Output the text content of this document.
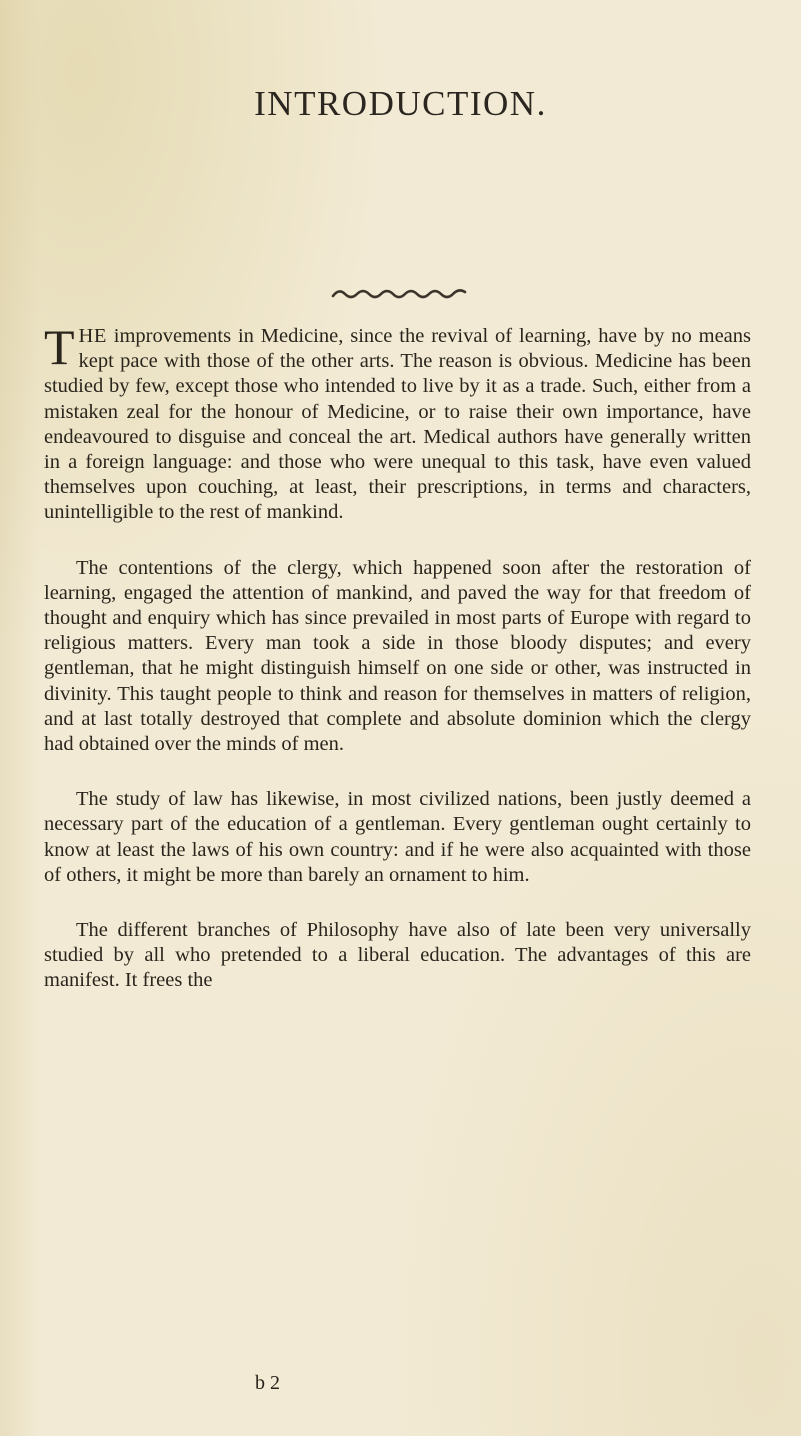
INTRODUCTION.

THE improvements in Medicine, since the revival of learning, have by no means kept pace with those of the other arts. The reason is obvious. Medicine has been studied by few, except those who intended to live by it as a trade. Such, either from a mistaken zeal for the honour of Medicine, or to raise their own importance, have endeavoured to disguise and conceal the art. Medical authors have generally written in a foreign language: and those who were unequal to this task, have even valued themselves upon couching, at least, their prescriptions, in terms and characters, unintelligible to the rest of mankind.

The contentions of the clergy, which happened soon after the restoration of learning, engaged the attention of mankind, and paved the way for that freedom of thought and enquiry which has since prevailed in most parts of Europe with regard to religious matters. Every man took a side in those bloody disputes; and every gentleman, that he might distinguish himself on one side or other, was instructed in divinity. This taught people to think and reason for themselves in matters of religion, and at last totally destroyed that complete and absolute dominion which the clergy had obtained over the minds of men.

The study of law has likewise, in most civilized nations, been justly deemed a necessary part of the education of a gentleman. Every gentleman ought certainly to know at least the laws of his own country: and if he were also acquainted with those of others, it might be more than barely an ornament to him.

The different branches of Philosophy have also of late been very universally studied by all who pretended to a liberal education. The advantages of this are manifest. It frees the

b 2
